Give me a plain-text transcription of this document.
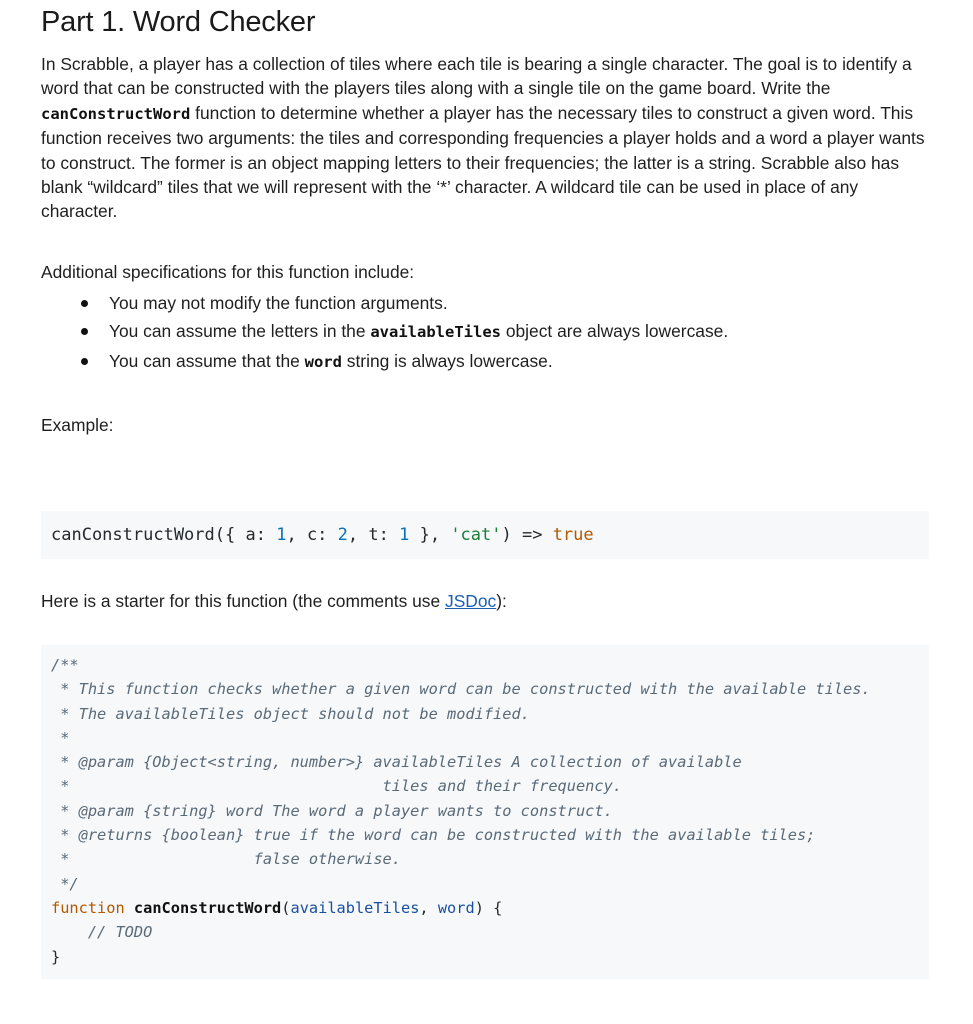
Part 1. Word Checker

In Scrabble, a player has a collection of tiles where each tile is bearing a single character. The goal is to identify a word that can be constructed with the players tiles along with a single tile on the game board. Write the canConstructWord function to determine whether a player has the necessary tiles to construct a given word. This function receives two arguments: the tiles and corresponding frequencies a player holds and a word a player wants to construct. The former is an object mapping letters to their frequencies; the latter is a string. Scrabble also has blank “wildcard” tiles that we will represent with the ‘*’ character. A wildcard tile can be used in place of any character.

Additional specifications for this function include:

You may not modify the function arguments.
You can assume the letters in the availableTiles object are always lowercase.
You can assume that the word string is always lowercase.

Example:

canConstructWord({ a: 1, c: 2, t: 1 }, 'cat') => true

Here is a starter for this function (the comments use JSDoc):

/**
* This function checks whether a given word can be constructed with the available tiles.
* The availableTiles object should not be modified.
*
* @param {Object<string, number>} availableTiles A collection of available
*                                  tiles and their frequency.
* @param {string} word The word a player wants to construct.
* @returns {boolean} true if the word can be constructed with the available tiles;
*                    false otherwise.
*/
function canConstructWord(availableTiles, word) {
// TODO
}
